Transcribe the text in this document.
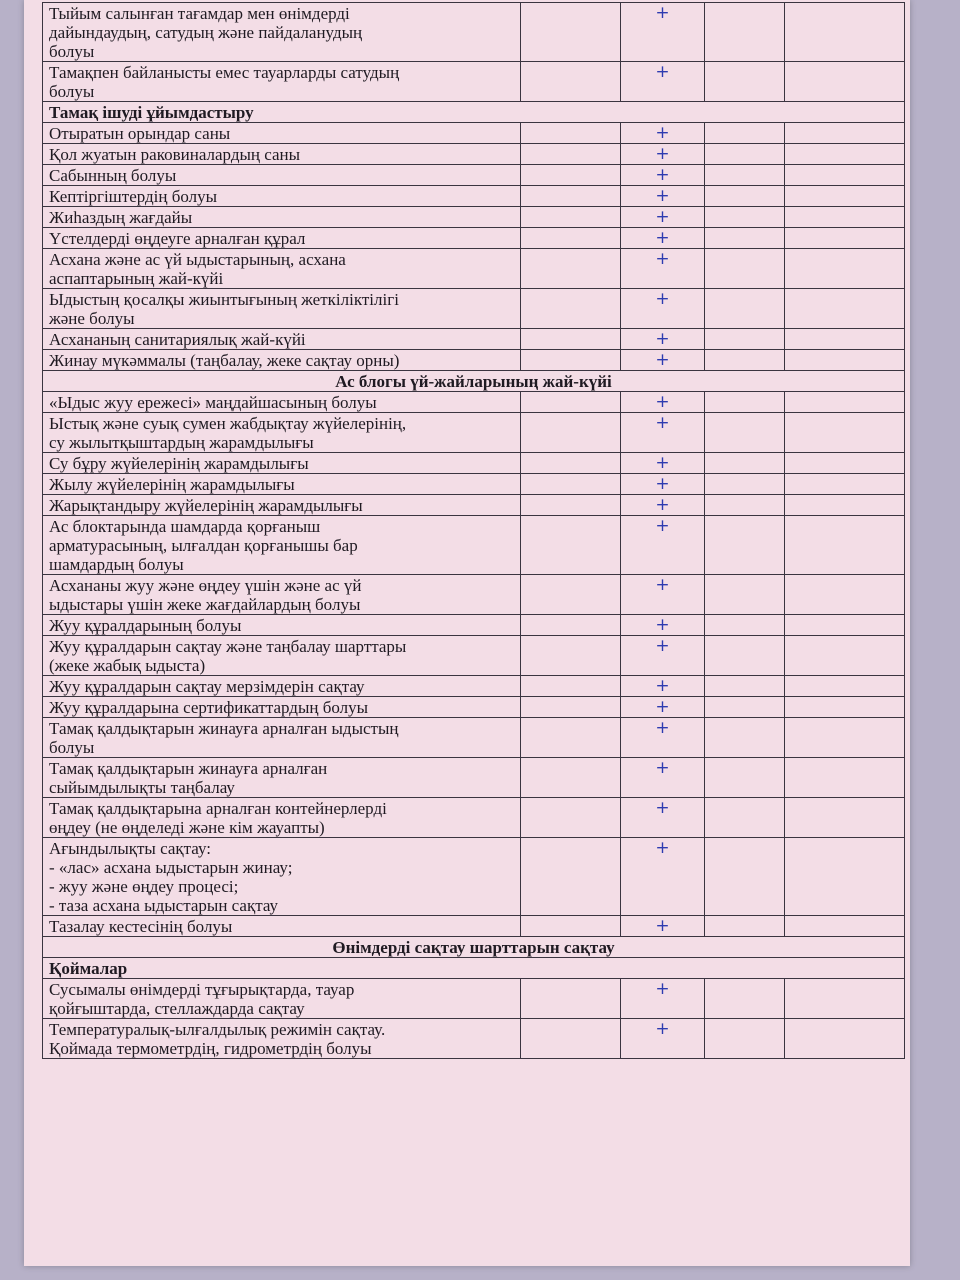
Тыйым салынған тағамдар мен өнімдерді
дайындаудың, сатудың және пайдаланудың
болуы		+		
Тамақпен байланысты емес тауарларды сатудың
болуы		+		
Тамақ ішуді ұйымдастыру				
Отыратын орындар саны		+		
Қол жуатын раковиналардың саны		+		
Сабынның болуы		+		
Кептіргіштердің болуы		+		
Жиһаздың жағдайы		+		
Үстелдерді өңдеуге арналған құрал		+		
Асхана және ас үй ыдыстарының, асхана
аспаптарының жай-күйі		+		
Ыдыстың қосалқы жиынтығының жеткіліктілігі
және болуы		+		
Асхананың санитариялық жай-күйі		+		
Жинау мүкәммалы (таңбалау, жеке сақтау орны)		+		
Ас блогы үй-жайларының жай-күйі				
«Ыдыс жуу ережесі» маңдайшасының болуы		+		
Ыстық және суық сумен жабдықтау жүйелерінің,
су жылытқыштардың жарамдылығы		+		
Су бұру жүйелерінің жарамдылығы		+		
Жылу жүйелерінің жарамдылығы		+		
Жарықтандыру жүйелерінің жарамдылығы		+		
Ас блоктарында шамдарда қорғаныш
арматурасының, ылғалдан қорғанышы бар
шамдардың болуы		+		
Асхананы жуу және өңдеу үшін және ас үй
ыдыстары үшін жеке жағдайлардың болуы		+		
Жуу құралдарының болуы		+		
Жуу құралдарын сақтау және таңбалау шарттары
(жеке жабық ыдыста)		+		
Жуу құралдарын сақтау мерзімдерін сақтау		+		
Жуу құралдарына сертификаттардың болуы		+		
Тамақ қалдықтарын жинауға арналған ыдыстың
болуы		+		
Тамақ қалдықтарын жинауға арналған
сыйымдылықты таңбалау		+		
Тамақ қалдықтарына арналған контейнерлерді
өңдеу (не өңделеді және кім жауапты)		+		
Ағындылықты сақтау:
- «лас» асхана ыдыстарын жинау;
- жуу және өңдеу процесі;
- таза асхана ыдыстарын сақтау		+		
Тазалау кестесінің болуы		+		
Өнімдерді сақтау шарттарын сақтау				
Қоймалар				
Сусымалы өнімдерді тұғырықтарда, тауар
қойғыштарда, стеллаждарда сақтау		+		
Температуралық-ылғалдылық режимін сақтау.
Қоймада термометрдің, гидрометрдің болуы		+		
